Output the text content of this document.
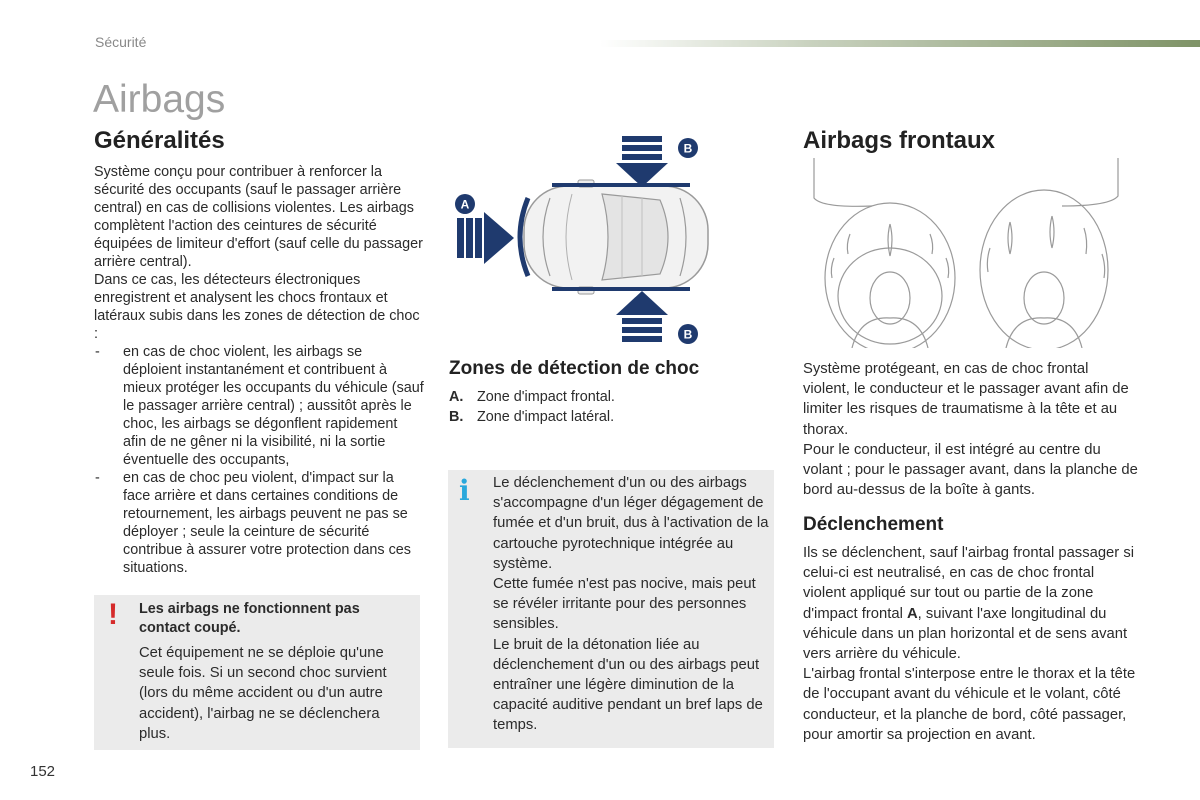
Sécurité
Airbags
Généralités

Système conçu pour contribuer à renforcer la sécurité des occupants (sauf le passager arrière central) en cas de collisions violentes. Les airbags complètent l'action des ceintures de sécurité équipées de limiteur d'effort (sauf celle du passager arrière central).

Dans ce cas, les détecteurs électroniques enregistrent et analysent les chocs frontaux et latéraux subis dans les zones de détection de choc :

- en cas de choc violent, les airbags se déploient instantanément et contribuent à mieux protéger les occupants du véhicule (sauf le passager arrière central) ; aussitôt après le choc, les airbags se dégonflent rapidement afin de ne gêner ni la visibilité, ni la sortie éventuelle des occupants,
- en cas de choc peu violent, d'impact sur la face arrière et dans certaines conditions de retournement, les airbags peuvent ne pas se déployer ; seule la ceinture de sécurité contribue à assurer votre protection dans ces situations.
! Les airbags ne fonctionnent pas contact coupé.

Cet équipement ne se déploie qu'une seule fois. Si un second choc survient (lors du même accident ou d'un autre accident), l'airbag ne se déclenchera plus.

A
B
B
Zones de détection de choc
A. Zone d'impact frontal.
B. Zone d'impact latéral.
i Le déclenchement d'un ou des airbags s'accompagne d'un léger dégagement de fumée et d'un bruit, dus à l'activation de la cartouche pyrotechnique intégrée au système.

Cette fumée n'est pas nocive, mais peut se révéler irritante pour des personnes sensibles.

Le bruit de la détonation liée au déclenchement d'un ou des airbags peut entraîner une légère diminution de la capacité auditive pendant un bref laps de temps.

Airbags frontaux

Système protégeant, en cas de choc frontal violent, le conducteur et le passager avant afin de limiter les risques de traumatisme à la tête et au thorax.

Pour le conducteur, il est intégré au centre du volant ; pour le passager avant, dans la planche de bord au-dessus de la boîte à gants.

Déclenchement

Ils se déclenchent, sauf l'airbag frontal passager si celui-ci est neutralisé, en cas de choc frontal violent appliqué sur tout ou partie de la zone d'impact frontal A, suivant l'axe longitudinal du véhicule dans un plan horizontal et de sens avant vers arrière du véhicule.

L'airbag frontal s'interpose entre le thorax et la tête de l'occupant avant du véhicule et le volant, côté conducteur, et la planche de bord, côté passager, pour amortir sa projection en avant.

152
